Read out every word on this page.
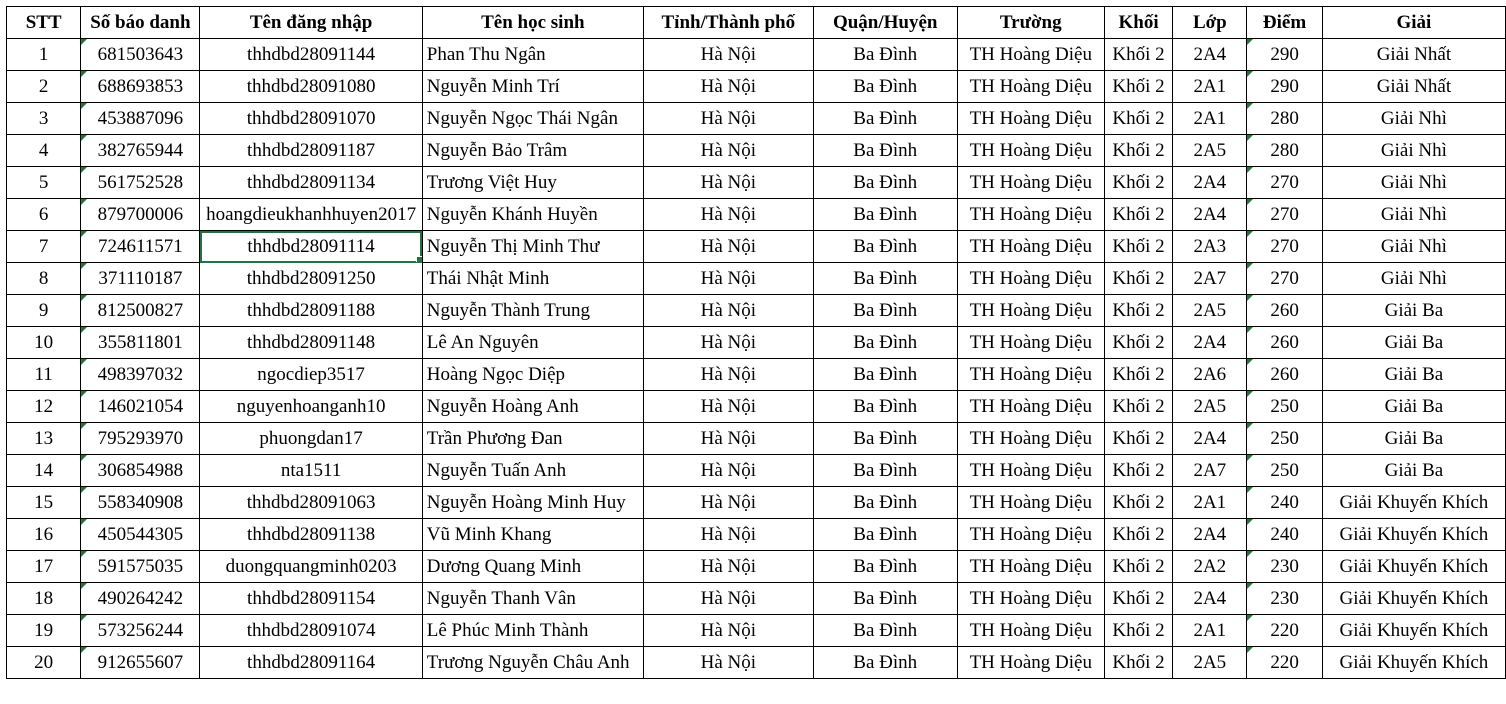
STT	Số báo danh	Tên đăng nhập	Tên học sinh	Tỉnh/Thành phố	Quận/Huyện	Trường	Khối	Lớp	Điểm	Giải
1	681503643	thhdbd28091144	Phan Thu Ngân	Hà Nội	Ba Đình	TH Hoàng Diệu	Khối 2	2A4	290	Giải Nhất
2	688693853	thhdbd28091080	Nguyễn Minh Trí	Hà Nội	Ba Đình	TH Hoàng Diệu	Khối 2	2A1	290	Giải Nhất
3	453887096	thhdbd28091070	Nguyễn Ngọc Thái Ngân	Hà Nội	Ba Đình	TH Hoàng Diệu	Khối 2	2A1	280	Giải Nhì
4	382765944	thhdbd28091187	Nguyễn Bảo Trâm	Hà Nội	Ba Đình	TH Hoàng Diệu	Khối 2	2A5	280	Giải Nhì
5	561752528	thhdbd28091134	Trương Việt Huy	Hà Nội	Ba Đình	TH Hoàng Diệu	Khối 2	2A4	270	Giải Nhì
6	879700006	hoangdieukhanhhuyen2017	Nguyễn Khánh Huyền	Hà Nội	Ba Đình	TH Hoàng Diệu	Khối 2	2A4	270	Giải Nhì
7	724611571	thhdbd28091114	Nguyễn Thị Minh Thư	Hà Nội	Ba Đình	TH Hoàng Diệu	Khối 2	2A3	270	Giải Nhì
8	371110187	thhdbd28091250	Thái Nhật Minh	Hà Nội	Ba Đình	TH Hoàng Diệu	Khối 2	2A7	270	Giải Nhì
9	812500827	thhdbd28091188	Nguyễn Thành Trung	Hà Nội	Ba Đình	TH Hoàng Diệu	Khối 2	2A5	260	Giải Ba
10	355811801	thhdbd28091148	Lê An Nguyên	Hà Nội	Ba Đình	TH Hoàng Diệu	Khối 2	2A4	260	Giải Ba
11	498397032	ngocdiep3517	Hoàng Ngọc Diệp	Hà Nội	Ba Đình	TH Hoàng Diệu	Khối 2	2A6	260	Giải Ba
12	146021054	nguyenhoanganh10	Nguyễn Hoàng Anh	Hà Nội	Ba Đình	TH Hoàng Diệu	Khối 2	2A5	250	Giải Ba
13	795293970	phuongdan17	Trần Phương Đan	Hà Nội	Ba Đình	TH Hoàng Diệu	Khối 2	2A4	250	Giải Ba
14	306854988	nta1511	Nguyễn Tuấn Anh	Hà Nội	Ba Đình	TH Hoàng Diệu	Khối 2	2A7	250	Giải Ba
15	558340908	thhdbd28091063	Nguyễn Hoàng Minh Huy	Hà Nội	Ba Đình	TH Hoàng Diệu	Khối 2	2A1	240	Giải Khuyến Khích
16	450544305	thhdbd28091138	Vũ Minh Khang	Hà Nội	Ba Đình	TH Hoàng Diệu	Khối 2	2A4	240	Giải Khuyến Khích
17	591575035	duongquangminh0203	Dương Quang Minh	Hà Nội	Ba Đình	TH Hoàng Diệu	Khối 2	2A2	230	Giải Khuyến Khích
18	490264242	thhdbd28091154	Nguyễn Thanh Vân	Hà Nội	Ba Đình	TH Hoàng Diệu	Khối 2	2A4	230	Giải Khuyến Khích
19	573256244	thhdbd28091074	Lê Phúc Minh Thành	Hà Nội	Ba Đình	TH Hoàng Diệu	Khối 2	2A1	220	Giải Khuyến Khích
20	912655607	thhdbd28091164	Trương Nguyễn Châu Anh	Hà Nội	Ba Đình	TH Hoàng Diệu	Khối 2	2A5	220	Giải Khuyến Khích
